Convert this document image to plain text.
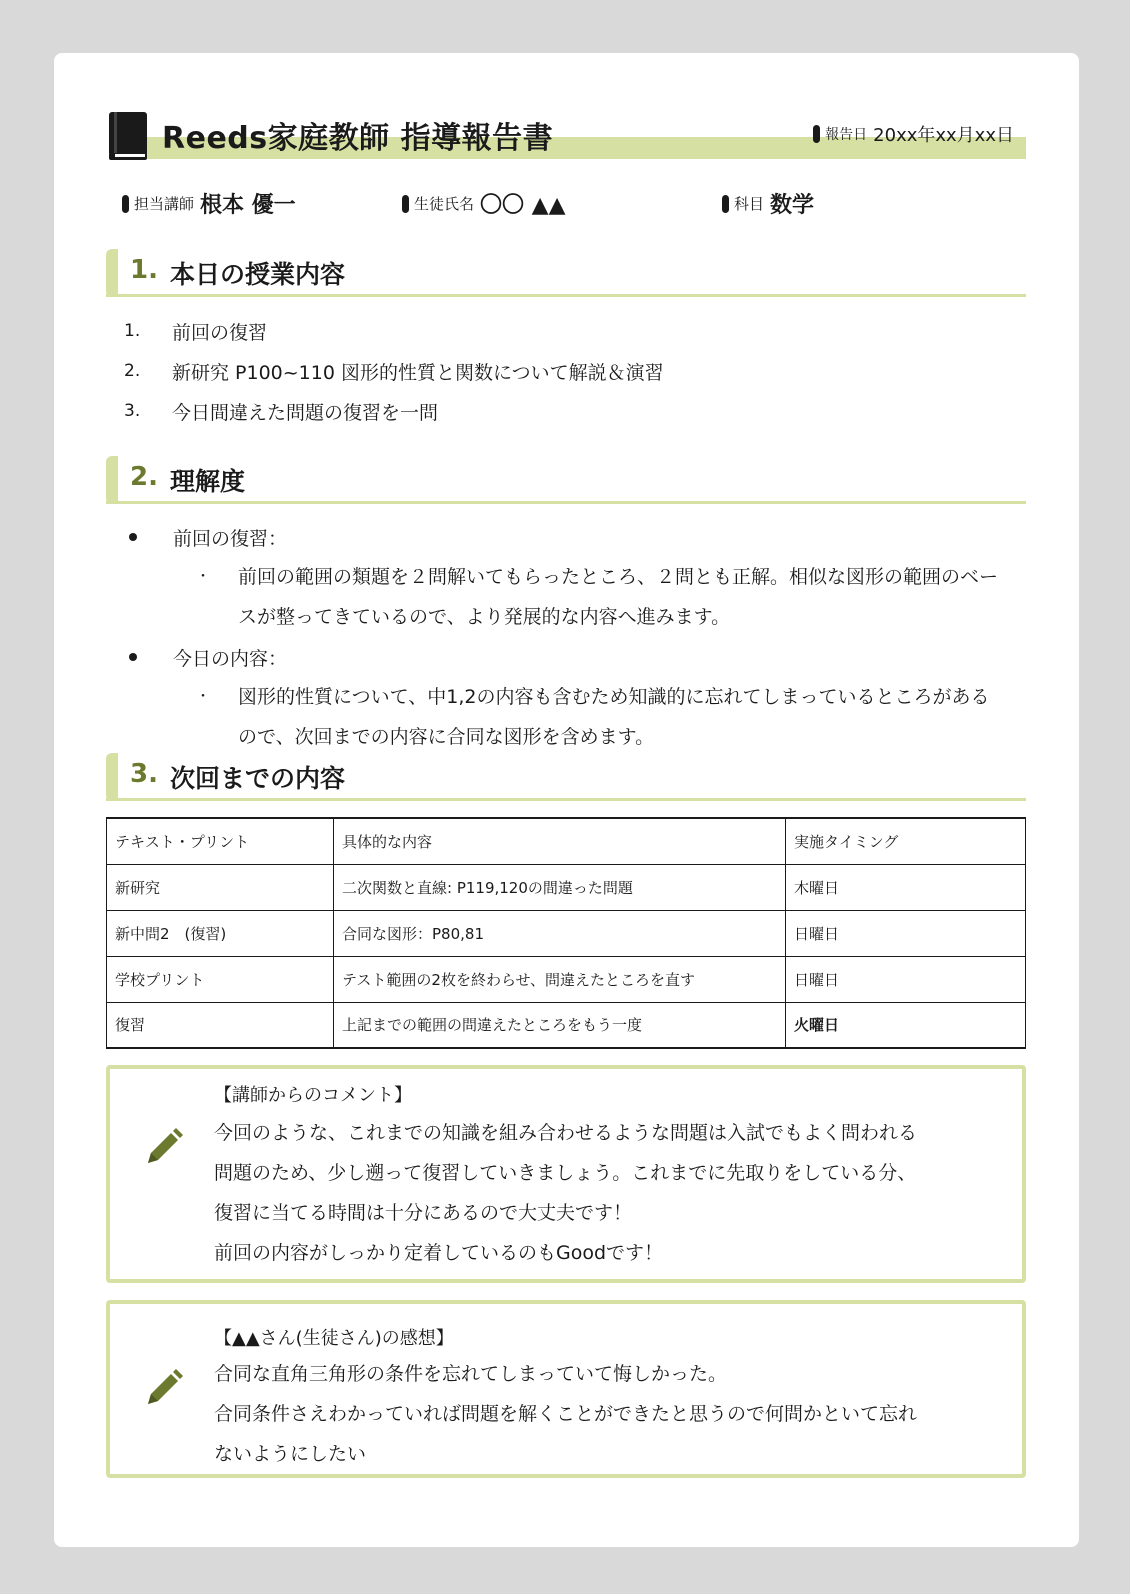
Reeds家庭教師 指導報告書	報告日 20xx年xx月xx日
担当講師 根本 優一	生徒氏名 〇〇 ▲▲	科目 数学
1. 本日の授業内容
1.	前回の復習
2.	新研究 P100~110 図形的性質と関数について解説＆演習
3.	今日間違えた問題の復習を一問
2. 理解度
前回の復習：
・	前回の範囲の類題を２問解いてもらったところ、２問とも正解。相似な図形の範囲のベースが整ってきているので、より発展的な内容へ進みます。
今日の内容：
・	図形的性質について、中1,2の内容も含むため知識的に忘れてしまっているところがあるので、次回までの内容に合同な図形を含めます。
3. 次回までの内容
テキスト・プリント	具体的な内容	実施タイミング
新研究	二次関数と直線: P119,120の間違った問題	木曜日
新中問2　(復習)	合同な図形：P80,81	日曜日
学校プリント	テスト範囲の2枚を終わらせ、問違えたところを直す	日曜日
復習	上記までの範囲の問違えたところをもう一度	火曜日
【講師からのコメント】
今回のような、これまでの知識を組み合わせるような問題は入試でもよく問われる
問題のため、少し遡って復習していきましょう。これまでに先取りをしている分、
復習に当てる時間は十分にあるので大丈夫です！
前回の内容がしっかり定着しているのもGoodです！
【▲▲さん(生徒さん)の感想】
合同な直角三角形の条件を忘れてしまっていて悔しかった。
合同条件さえわかっていれば問題を解くことができたと思うので何問かといて忘れ
ないようにしたい
